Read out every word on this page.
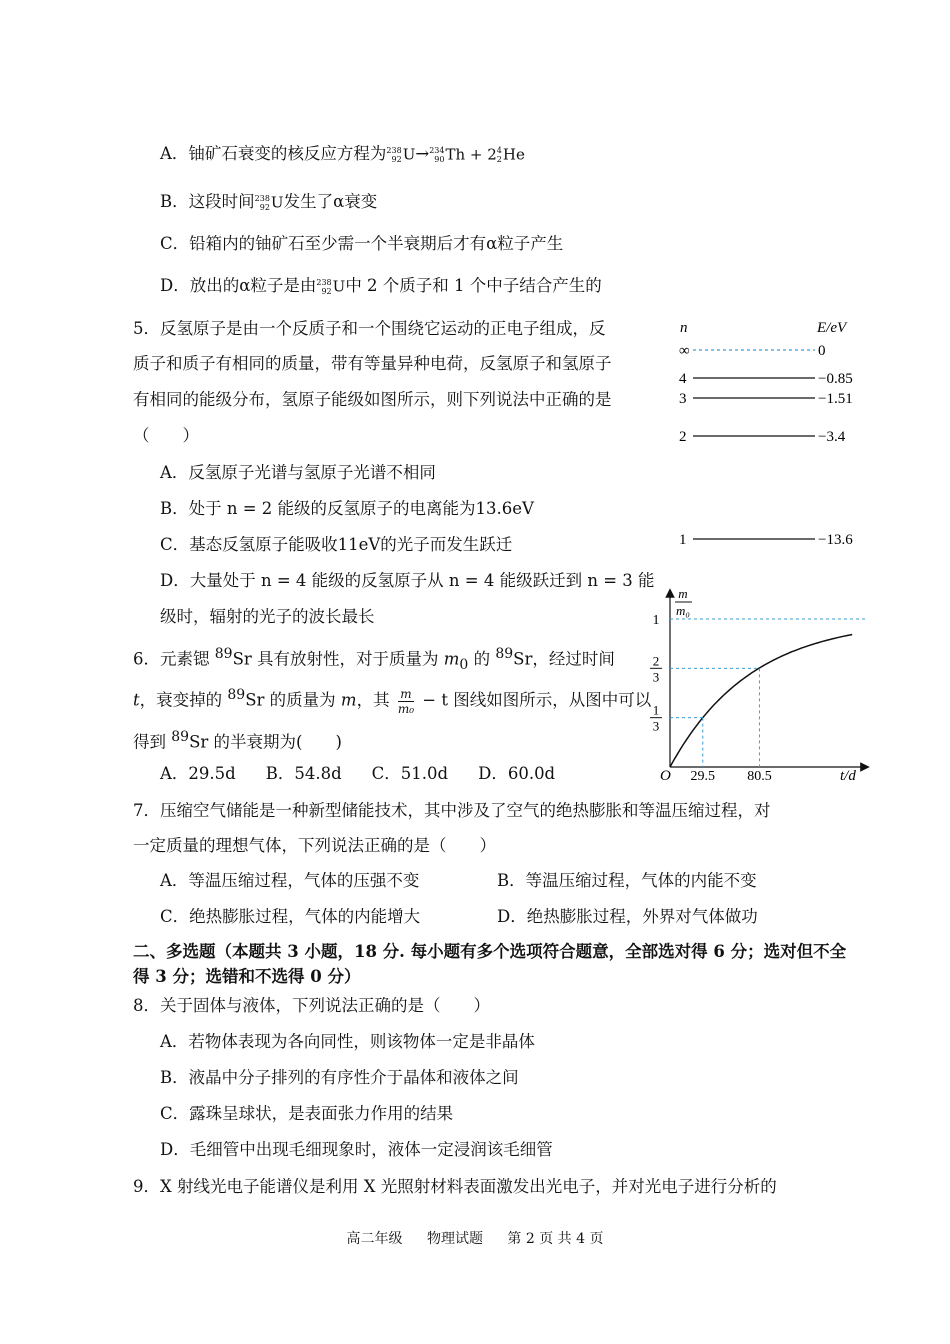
A．铀矿石衰变的核反应方程为 238
92 U→ 234
90 Th + 2 4
2 He
B．这段时间 238
92 U发生了α衰变
C．铅箱内的铀矿石至少需一个半衰期后才有α粒子产生
D．放出的α粒子是由 238
92 U中 2 个质子和 1 个中子结合产生的
5．反氢原子是由一个反质子和一个围绕它运动的正电子组成，反
质子和质子有相同的质量，带有等量异种电荷，反氢原子和氢原子
有相同的能级分布，氢原子能级如图所示，则下列说法中正确的是
（　　）
A．反氢原子光谱与氢原子光谱不相同
B．处于 n = 2 能级的反氢原子的电离能为13.6eV
C．基态反氢原子能吸收11eV的光子而发生跃迁
D．大量处于 n = 4 能级的反氢原子从 n = 4 能级跃迁到 n = 3 能
级时，辐射的光子的波长最长
n	E/eV
∞	0
4	−0.85
3	−1.51
2	−3.4
1	−13.6
6．元素锶 $^{89}$Sr 具有放射性，对于质量为 $m_0$ 的 $^{89}$Sr，经过时间
t，衰变掉的 $^{89}$Sr 的质量为 m，其 $\frac{m}{\text{m₀}} - t$ 图线如图所示，从图中可以
得到 $^{89}$Sr 的半衰期为(　　)
A．29.5d B．54.8d C．51.0d D．60.0d
m
m₀
29.5 80.5
1
2
3
1
3
O	t/d
7．压缩空气储能是一种新型储能技术，其中涉及了空气的绝热膨胀和等温压缩过程，对
一定质量的理想气体，下列说法正确的是（　　）
A．等温压缩过程，气体的压强不变	B．等温压缩过程，气体的内能不变
C．绝热膨胀过程，气体的内能增大	D．绝热膨胀过程，外界对气体做功
二、多选题（本题共 3 小题，18 分. 每小题有多个选项符合题意，全部选对得 6 分；选对但不全
得 3 分；选错和不选得 0 分）
8．关于固体与液体，下列说法正确的是（　　）
A．若物体表现为各向同性，则该物体一定是非晶体
B．液晶中分子排列的有序性介于晶体和液体之间
C．露珠呈球状，是表面张力作用的结果
D．毛细管中出现毛细现象时，液体一定浸润该毛细管
9．X 射线光电子能谱仪是利用 X 光照射材料表面激发出光电子，并对光电子进行分析的
高二年级 物理试题 第 2 页 共 4 页
